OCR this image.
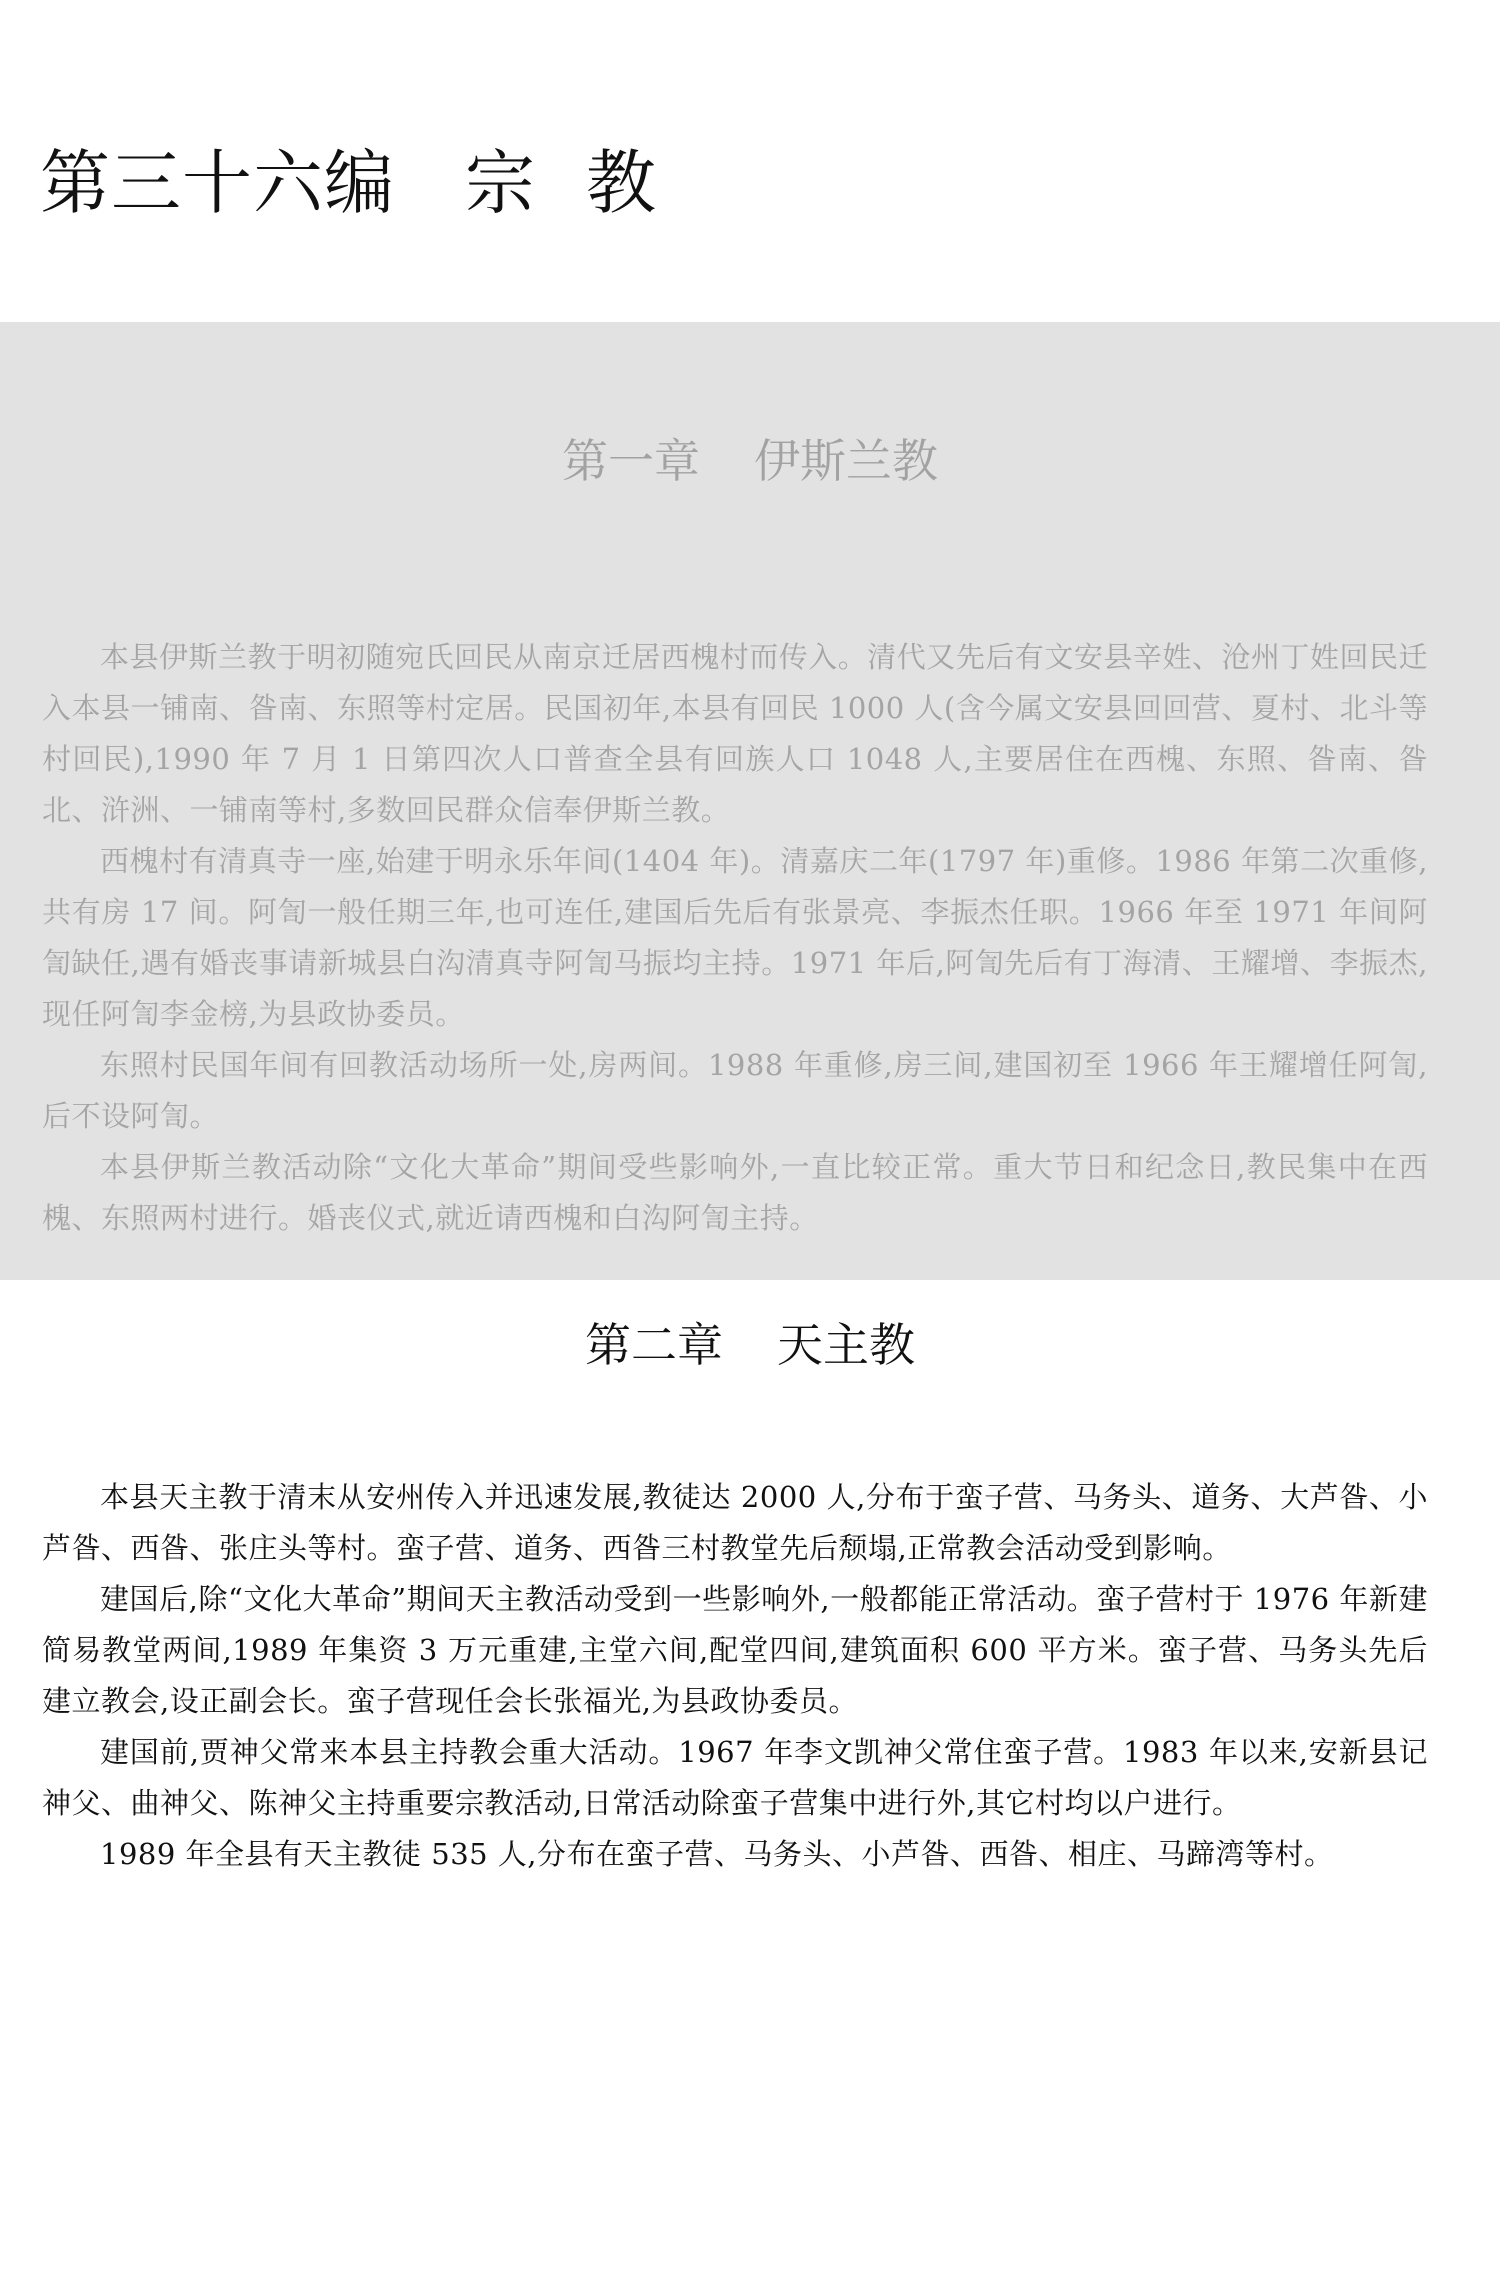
第三十六编 宗 教
第一章 伊斯兰教

本县伊斯兰教于明初随宛氏回民从南京迁居西槐村而传入。清代又先后有文安县辛姓、沧州丁姓回民迁入本县一铺南、昝南、东照等村定居。民国初年,本县有回民 1000 人(含今属文安县回回营、夏村、北斗等村回民),1990 年 7 月 1 日第四次人口普查全县有回族人口 1048 人,主要居住在西槐、东照、昝南、昝北、浒洲、一铺南等村,多数回民群众信奉伊斯兰教。

西槐村有清真寺一座,始建于明永乐年间(1404 年)。清嘉庆二年(1797 年)重修。1986 年第二次重修,共有房 17 间。阿訇一般任期三年,也可连任,建国后先后有张景亮、李振杰任职。1966 年至 1971 年间阿訇缺任,遇有婚丧事请新城县白沟清真寺阿訇马振均主持。1971 年后,阿訇先后有丁海清、王耀增、李振杰,现任阿訇李金榜,为县政协委员。

东照村民国年间有回教活动场所一处,房两间。1988 年重修,房三间,建国初至 1966 年王耀增任阿訇,后不设阿訇。

本县伊斯兰教活动除“文化大革命”期间受些影响外,一直比较正常。重大节日和纪念日,教民集中在西槐、东照两村进行。婚丧仪式,就近请西槐和白沟阿訇主持。

第二章 天主教

本县天主教于清末从安州传入并迅速发展,教徒达 2000 人,分布于蛮子营、马务头、道务、大芦昝、小芦昝、西昝、张庄头等村。蛮子营、道务、西昝三村教堂先后颓塌,正常教会活动受到影响。

建国后,除“文化大革命”期间天主教活动受到一些影响外,一般都能正常活动。蛮子营村于 1976 年新建简易教堂两间,1989 年集资 3 万元重建,主堂六间,配堂四间,建筑面积 600 平方米。蛮子营、马务头先后建立教会,设正副会长。蛮子营现任会长张福光,为县政协委员。

建国前,贾神父常来本县主持教会重大活动。1967 年李文凯神父常住蛮子营。1983 年以来,安新县记神父、曲神父、陈神父主持重要宗教活动,日常活动除蛮子营集中进行外,其它村均以户进行。

1989 年全县有天主教徒 535 人,分布在蛮子营、马务头、小芦昝、西昝、相庄、马蹄湾等村。
